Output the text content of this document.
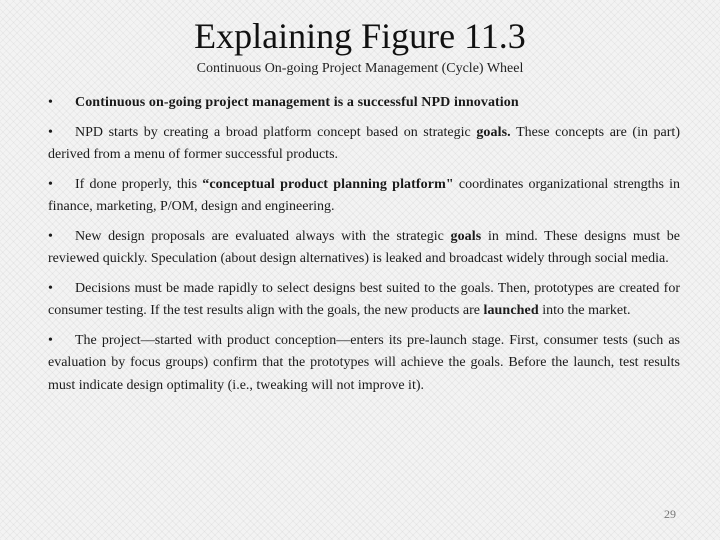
Explaining Figure 11.3
Continuous On-going Project Management (Cycle) Wheel

• Continuous on-going project management is a successful NPD innovation

• NPD starts by creating a broad platform concept based on strategic goals. These concepts are (in part) derived from a menu of former successful products.

• If done properly, this “conceptual product planning platform" coordinates organizational strengths in finance, marketing, P/OM, design and engineering.

• New design proposals are evaluated always with the strategic goals in mind. These designs must be reviewed quickly. Speculation (about design alternatives) is leaked and broadcast widely through social media.

• Decisions must be made rapidly to select designs best suited to the goals. Then, prototypes are created for consumer testing. If the test results align with the goals, the new products are launched into the market.

• The project—started with product conception—enters its pre-launch stage. First, consumer tests (such as evaluation by focus groups) confirm that the prototypes will achieve the goals. Before the launch, test results must indicate design optimality (i.e., tweaking will not improve it).

29
